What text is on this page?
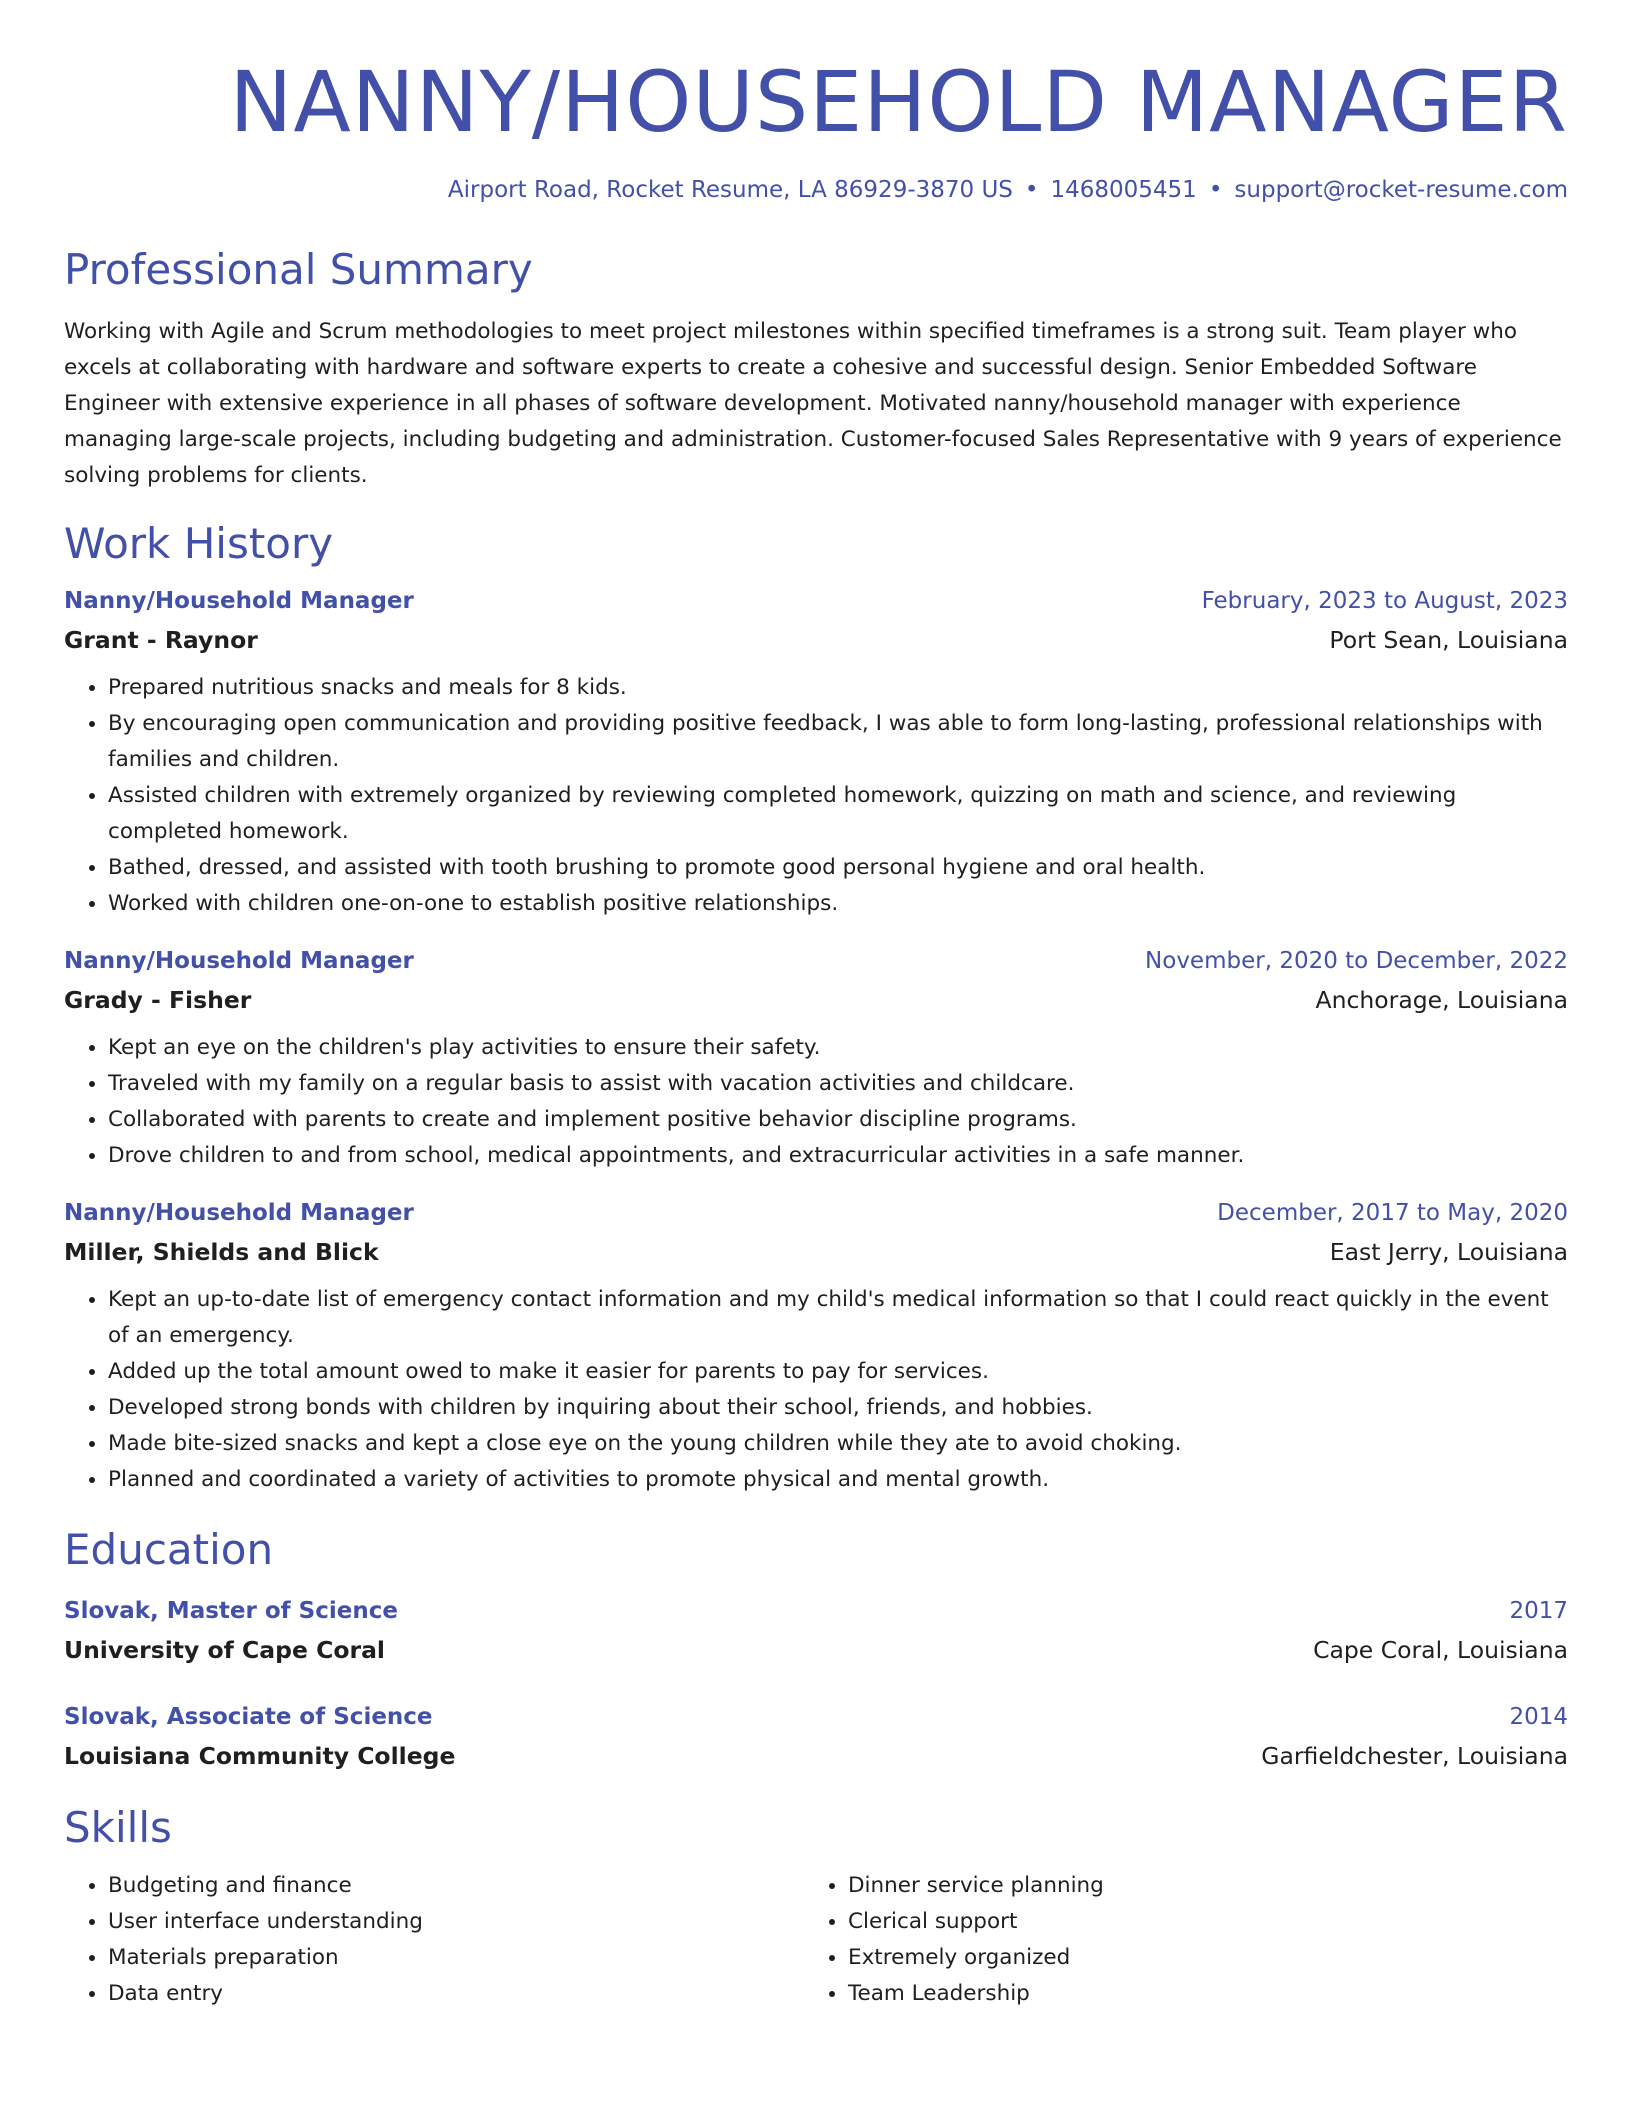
NANNY/HOUSEHOLD MANAGER
Airport Road, Rocket Resume, LA 86929-3870 US • 1468005451 • support@rocket-resume.com
Professional Summary
Working with Agile and Scrum methodologies to meet project milestones within specified timeframes is a strong suit. Team player who excels at collaborating with hardware and software experts to create a cohesive and successful design. Senior Embedded Software Engineer with extensive experience in all phases of software development. Motivated nanny/household manager with experience managing large-scale projects, including budgeting and administration. Customer-focused Sales Representative with 9 years of experience solving problems for clients.
Work History
Nanny/Household Manager	February, 2023 to August, 2023
Grant - Raynor	Port Sean, Louisiana
• Prepared nutritious snacks and meals for 8 kids.
• By encouraging open communication and providing positive feedback, I was able to form long-lasting, professional relationships with families and children.
• Assisted children with extremely organized by reviewing completed homework, quizzing on math and science, and reviewing completed homework.
• Bathed, dressed, and assisted with tooth brushing to promote good personal hygiene and oral health.
• Worked with children one-on-one to establish positive relationships.
Nanny/Household Manager	November, 2020 to December, 2022
Grady - Fisher	Anchorage, Louisiana
• Kept an eye on the children's play activities to ensure their safety.
• Traveled with my family on a regular basis to assist with vacation activities and childcare.
• Collaborated with parents to create and implement positive behavior discipline programs.
• Drove children to and from school, medical appointments, and extracurricular activities in a safe manner.
Nanny/Household Manager	December, 2017 to May, 2020
Miller, Shields and Blick	East Jerry, Louisiana
• Kept an up-to-date list of emergency contact information and my child's medical information so that I could react quickly in the event of an emergency.
• Added up the total amount owed to make it easier for parents to pay for services.
• Developed strong bonds with children by inquiring about their school, friends, and hobbies.
• Made bite-sized snacks and kept a close eye on the young children while they ate to avoid choking.
• Planned and coordinated a variety of activities to promote physical and mental growth.
Education
Slovak, Master of Science	2017
University of Cape Coral	Cape Coral, Louisiana
Slovak, Associate of Science	2014
Louisiana Community College	Garfieldchester, Louisiana
Skills
• Budgeting and finance
• User interface understanding
• Materials preparation
• Data entry
• Dinner service planning
• Clerical support
• Extremely organized
• Team Leadership
